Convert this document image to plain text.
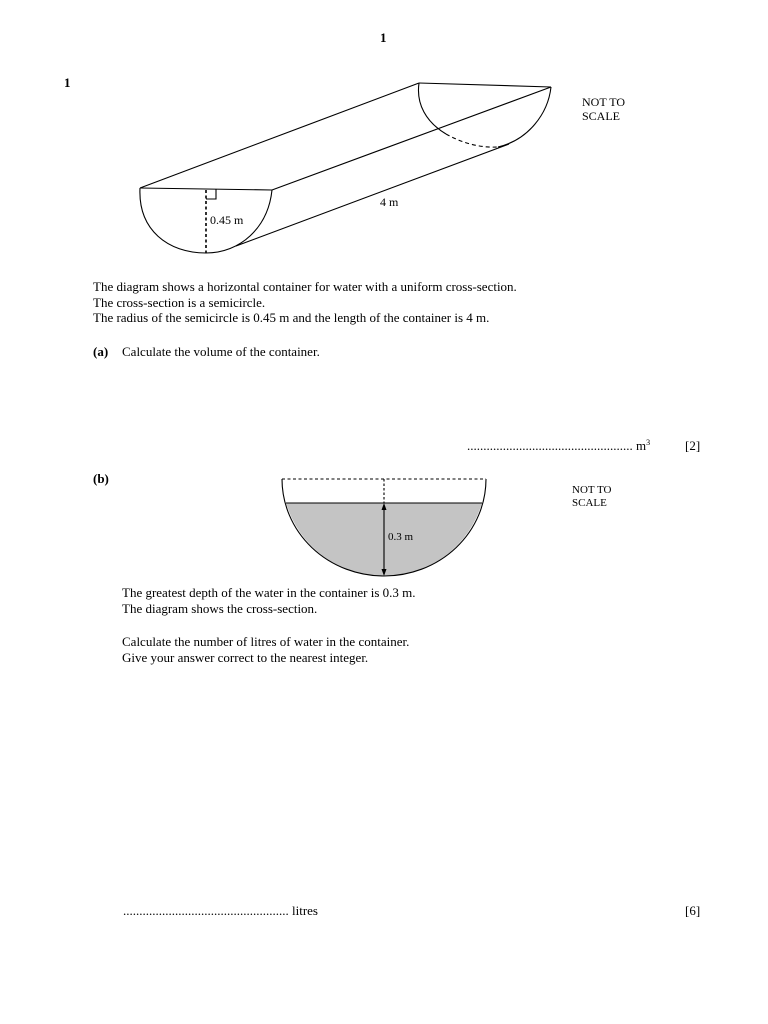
1
1
0.45 m
4 m
NOT TO
SCALE
The diagram shows a horizontal container for water with a uniform cross-section.
The cross-section is a semicircle.
The radius of the semicircle is 0.45 m and the length of the container is 4 m.
(a) Calculate the volume of the container.
................................................... $m^3$	[2]
(b)
0.3 m
NOT TO
SCALE
The greatest depth of the water in the container is 0.3 m.
The diagram shows the cross-section.
Calculate the number of litres of water in the container.
Give your answer correct to the nearest integer.
................................................... litres	[6]
